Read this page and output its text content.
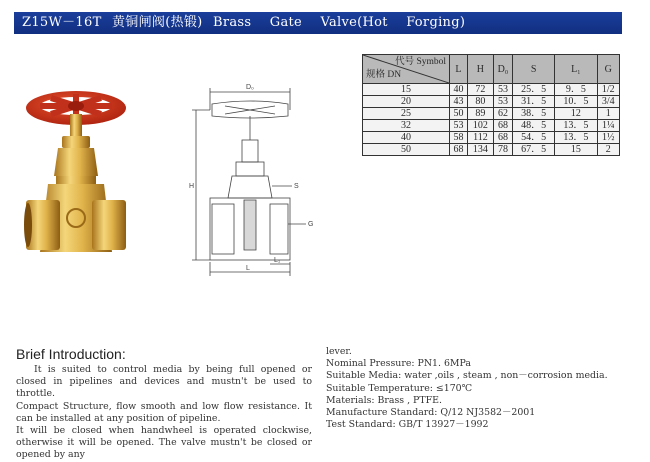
Z15W－16T 黄铜闸阀(热锻) Brass Gate Valve(Hot Forging)
D₀
H	S
G
L
L₁
代号 Symbol
规格 DN	L	H	D₀	S	L₁	G
15	40	72	53	25．5	9．5	1/2
20	43	80	53	31．5	10．5	3/4
25	50	89	62	38．5	12	1
32	53	102	68	48．5	13．5	1¼
40	58	112	68	54．5	13．5	1½
50	68	134	78	67．5	15	2
Brief Introduction:

It is suited to control media by being full opened or closed in pipelines and devices and mustn't be used to throttle.

Compact Structure, flow smooth and low flow resistance. It can be installed at any position of pipeline.

It will be closed when handwheel is operated clockwise, otherwise it will be opened. The valve mustn't be closed or opened by any

lever.

Nominal Pressure: PN1. 6MPa

Suitable Media: water ,oils , steam , non－corrosion media.

Suitable Temperature: ≤170℃

Materials: Brass , PTFE.

Manufacture Standard: Q/12 NJ3582－2001

Test Standard: GB/T 13927－1992
